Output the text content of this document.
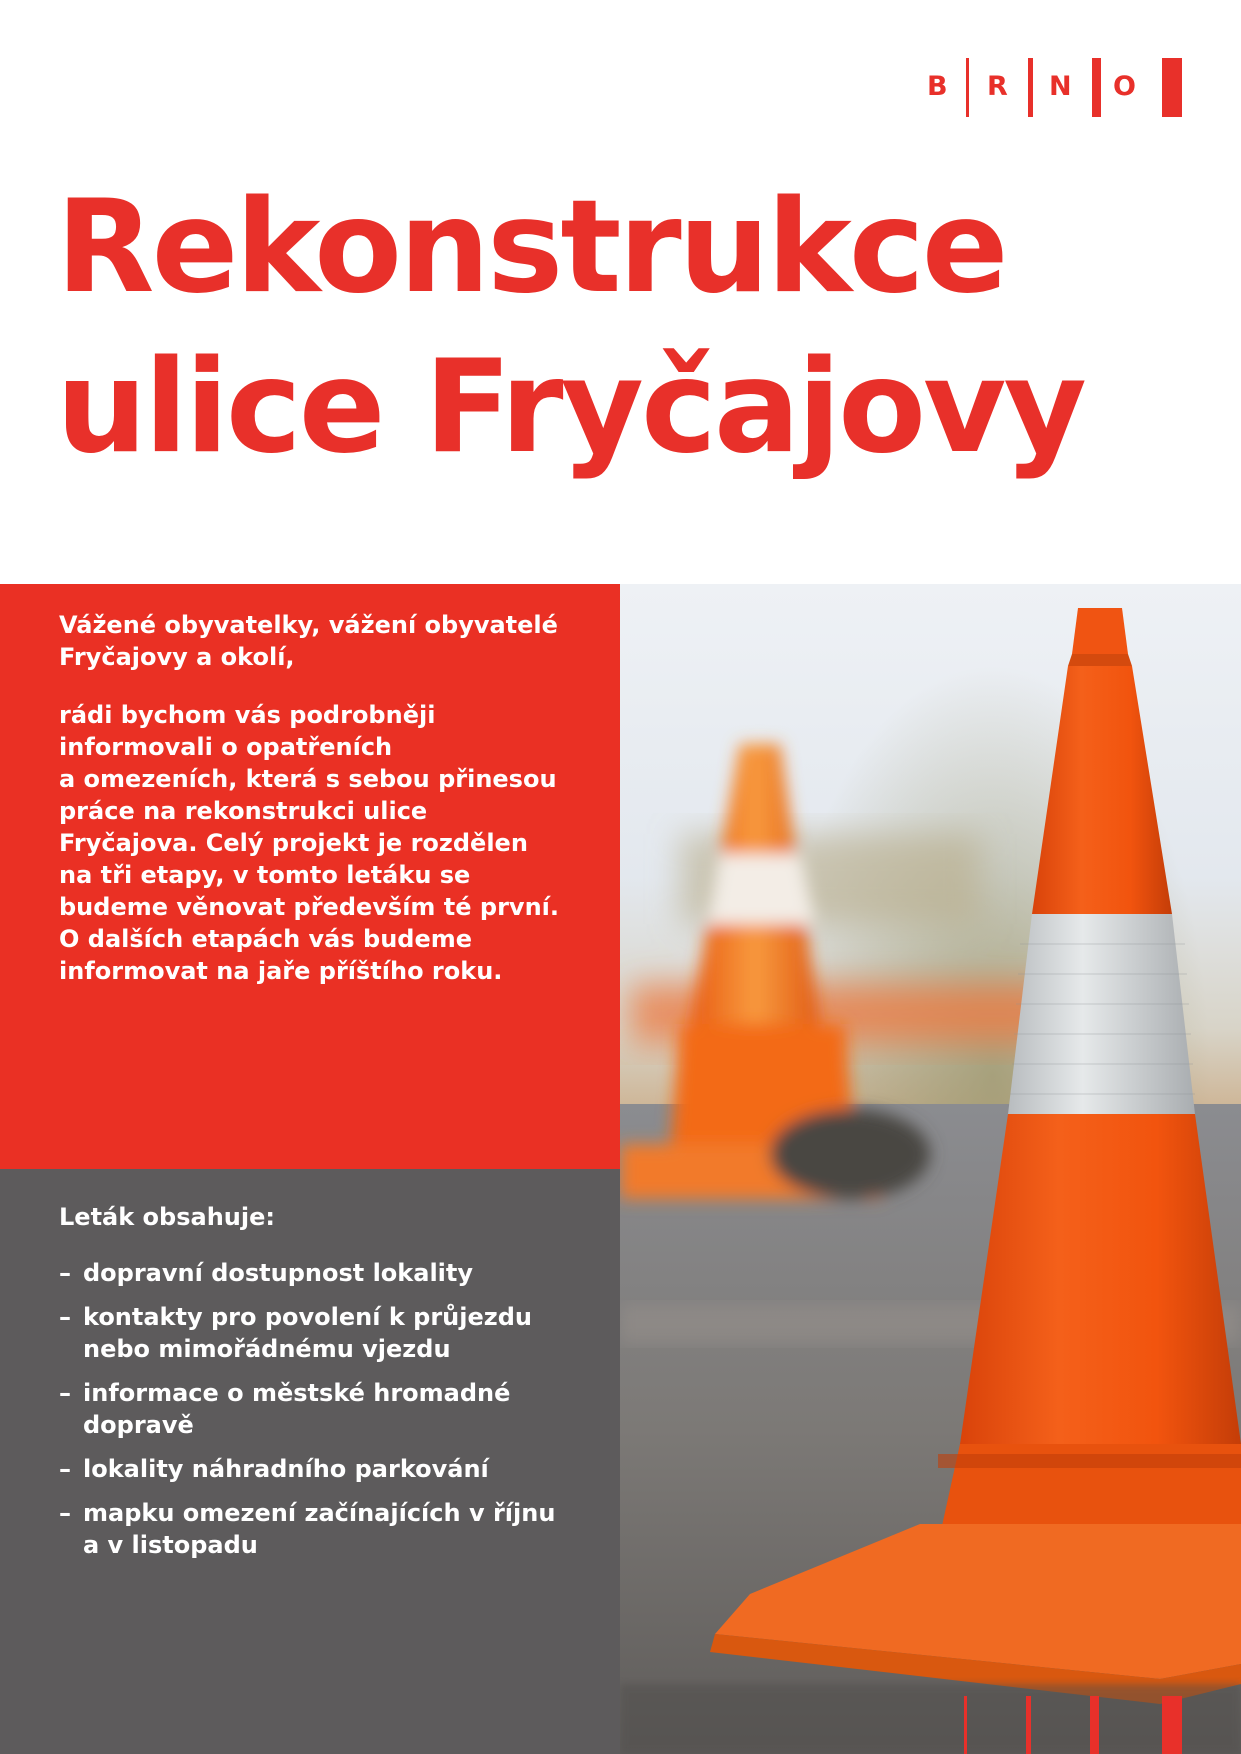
B R N O
Rekonstrukce
ulice Fryčajovy

Vážené obyvatelky, vážení obyvatelé
Fryčajovy a okolí,

rádi bychom vás podrobněji
informovali o opatřeních
a omezeních, která s sebou přinesou
práce na rekonstrukci ulice
Fryčajova. Celý projekt je rozdělen
na tři etapy, v tomto letáku se
budeme věnovat především té první.
O dalších etapách vás budeme
informovat na jaře příštího roku.

Leták obsahuje:

– dopravní dostupnost lokality
– kontakty pro povolení k průjezdu
nebo mimořádnému vjezdu
– informace o městské hromadné
dopravě
– lokality náhradního parkování
– mapku omezení začínajících v říjnu
a v listopadu
